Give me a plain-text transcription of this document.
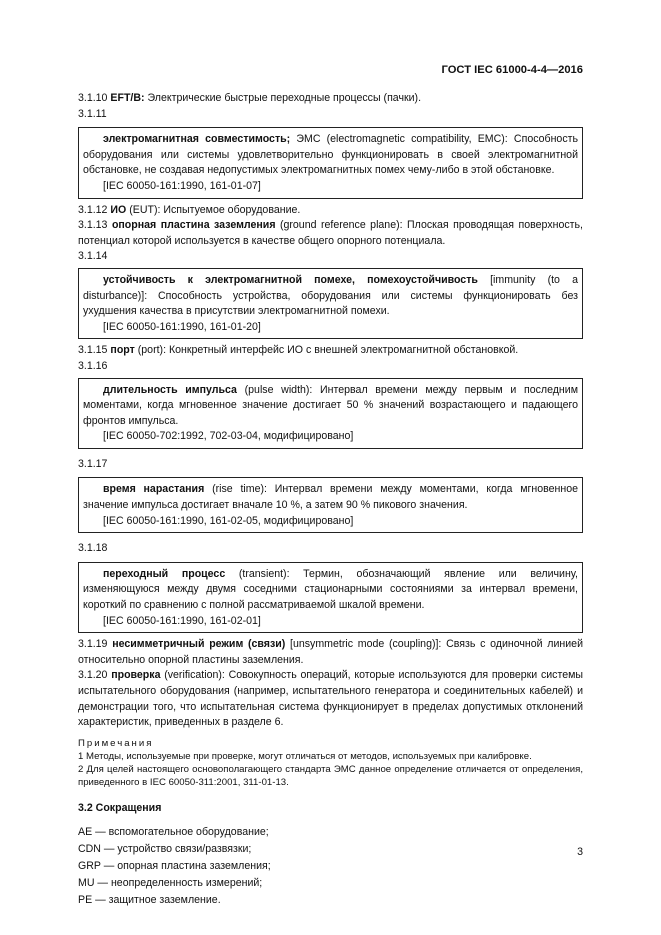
ГОСТ IEC 61000-4-4—2016

3.1.10 EFT/B: Электрические быстрые переходные процессы (пачки).

3.1.11

электромагнитная совместимость; ЭМС (electromagnetic compatibility, EMC): Способность оборудования или системы удовлетворительно функционировать в своей электромагнитной обстановке, не создавая недопустимых электромагнитных помех чему-либо в этой обстановке.

[IEC 60050-161:1990, 161-01-07]

3.1.12 ИО (EUT): Испытуемое оборудование.

3.1.13 опорная пластина заземления (ground reference plane): Плоская проводящая поверхность, потенциал которой используется в качестве общего опорного потенциала.

3.1.14

устойчивость к электромагнитной помехе, помехоустойчивость [immunity (to a disturbance)]: Способность устройства, оборудования или системы функционировать без ухудшения качества в присутствии электромагнитной помехи.

[IEC 60050-161:1990, 161-01-20]

3.1.15 порт (port): Конкретный интерфейс ИО с внешней электромагнитной обстановкой.

3.1.16

длительность импульса (pulse width): Интервал времени между первым и последним моментами, когда мгновенное значение достигает 50 % значений возрастающего и падающего фронтов импульса.

[IEC 60050-702:1992, 702-03-04, модифицировано]

3.1.17

время нарастания (rise time): Интервал времени между моментами, когда мгновенное значение импульса достигает вначале 10 %, а затем 90 % пикового значения.

[IEC 60050-161:1990, 161-02-05, модифицировано]

3.1.18

переходный процесс (transient): Термин, обозначающий явление или величину, изменяющуюся между двумя соседними стационарными состояниями за интервал времени, короткий по сравнению с полной рассматриваемой шкалой времени.

[IEC 60050-161:1990, 161-02-01]

3.1.19 несимметричный режим (связи) [unsymmetric mode (coupling)]: Связь с одиночной линией относительно опорной пластины заземления.

3.1.20 проверка (verification): Совокупность операций, которые используются для проверки системы испытательного оборудования (например, испытательного генератора и соединительных кабелей) и демонстрации того, что испытательная система функционирует в пределах допустимых отклонений характеристик, приведенных в разделе 6.

Примечания

1 Методы, используемые при проверке, могут отличаться от методов, используемых при калибровке.

2 Для целей настоящего основополагающего стандарта ЭМС данное определение отличается от определения, приведенного в IEC 60050-311:2001, 311-01-13.

3.2 Сокращения

AE — вспомогательное оборудование;

CDN — устройство связи/развязки;

GRP — опорная пластина заземления;

MU — неопределенность измерений;

PE — защитное заземление.

3
